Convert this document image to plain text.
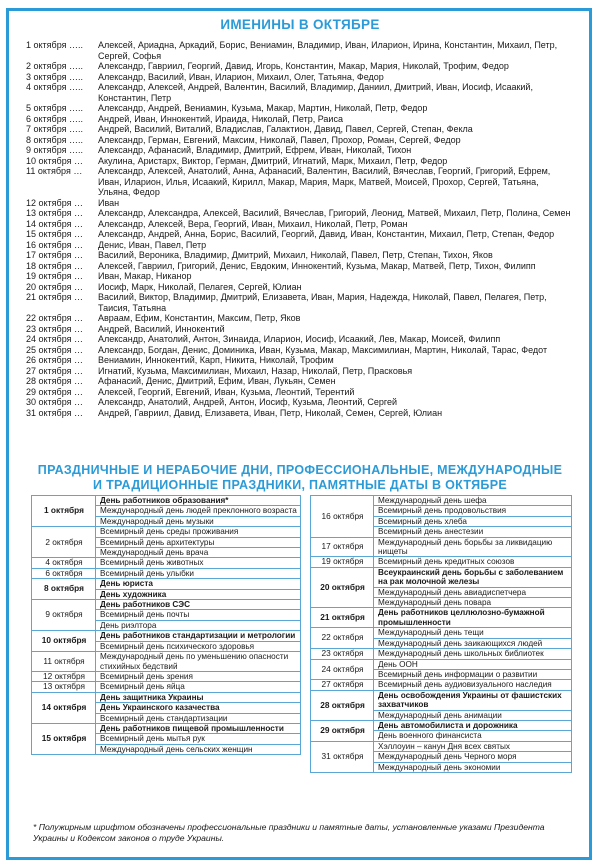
ИМЕНИНЫ В ОКТЯБРЕ
1 октября …..	Алексей, Ариадна, Аркадий, Борис, Вениамин, Владимир, Иван, Иларион, Ирина, Константин, Михаил, Петр, Сергей, Софья
2 октября …..	Александр, Гавриил, Георгий, Давид, Игорь, Константин, Макар, Мария, Николай, Трофим, Федор
3 октября …..	Александр, Василий, Иван, Иларион, Михаил, Олег, Татьяна, Федор
4 октября …..	Александр, Алексей, Андрей, Валентин, Василий, Владимир, Даниил, Дмитрий, Иван, Иосиф, Исаакий, Константин, Петр
5 октября …..	Александр, Андрей, Вениамин, Кузьма, Макар, Мартин, Николай, Петр, Федор
6 октября …..	Андрей, Иван, Иннокентий, Ираида, Николай, Петр, Раиса
7 октября …..	Андрей, Василий, Виталий, Владислав, Галактион, Давид, Павел, Сергей, Степан, Фекла
8 октября …..	Александр, Герман, Евгений, Максим, Николай, Павел, Прохор, Роман, Сергей, Федор
9 октября …..	Александр, Афанасий, Владимир, Дмитрий, Ефрем, Иван, Николай, Тихон
10 октября …	Акулина, Аристарх, Виктор, Герман, Дмитрий, Игнатий, Марк, Михаил, Петр, Федор
11 октября …	Александр, Алексей, Анатолий, Анна, Афанасий, Валентин, Василий, Вячеслав, Георгий, Григорий, Ефрем, Иван, Иларион, Илья, Исаакий, Кирилл, Макар, Мария, Марк, Матвей, Моисей, Прохор, Сергей, Татьяна, Ульяна, Федор
12 октября …	Иван
13 октября …	Александр, Александра, Алексей, Василий, Вячеслав, Григорий, Леонид, Матвей, Михаил, Петр, Полина, Семен
14 октября …	Александр, Алексей, Вера, Георгий, Иван, Михаил, Николай, Петр, Роман
15 октября …	Александр, Андрей, Анна, Борис, Василий, Георгий, Давид, Иван, Константин, Михаил, Петр, Степан, Федор
16 октября …	Денис, Иван, Павел, Петр
17 октября …	Василий, Вероника, Владимир, Дмитрий, Михаил, Николай, Павел, Петр, Степан, Тихон, Яков
18 октября …	Алексей, Гавриил, Григорий, Денис, Евдоким, Иннокентий, Кузьма, Макар, Матвей, Петр, Тихон, Филипп
19 октября …	Иван, Макар, Никанор
20 октября …	Иосиф, Марк, Николай, Пелагея, Сергей, Юлиан
21 октября …	Василий, Виктор, Владимир, Дмитрий, Елизавета, Иван, Мария, Надежда, Николай, Павел, Пелагея, Петр, Таисия, Татьяна
22 октября …	Авраам, Ефим, Константин, Максим, Петр, Яков
23 октября …	Андрей, Василий, Иннокентий
24 октября …	Александр, Анатолий, Антон, Зинаида, Иларион, Иосиф, Исаакий, Лев, Макар, Моисей, Филипп
25 октября …	Александр, Богдан, Денис, Доминика, Иван, Кузьма, Макар, Максимилиан, Мартин, Николай, Тарас, Федот
26 октября …	Вениамин, Иннокентий, Карп, Никита, Николай, Трофим
27 октября …	Игнатий, Кузьма, Максимилиан, Михаил, Назар, Николай, Петр, Прасковья
28 октября …	Афанасий, Денис, Дмитрий, Ефим, Иван, Лукьян, Семен
29 октября …	Алексей, Георгий, Евгений, Иван, Кузьма, Леонтий, Терентий
30 октября …	Александр, Анатолий, Андрей, Антон, Иосиф, Кузьма, Леонтий, Сергей
31 октября …	Андрей, Гавриил, Давид, Елизавета, Иван, Петр, Николай, Семен, Сергей, Юлиан
ПРАЗДНИЧНЫЕ И НЕРАБОЧИЕ ДНИ, ПРОФЕССИОНАЛЬНЫЕ, МЕЖДУНАРОДНЫЕ
И ТРАДИЦИОННЫЕ ПРАЗДНИКИ, ПАМЯТНЫЕ ДАТЫ В ОКТЯБРЕ
1 октября	День работников образования*
	Международный день людей преклонного возраста
	Международный день музыки
2 октября	Всемирный день среды проживания
	Всемирный день архитектуры
	Международный день врача
4 октября	Всемирный день животных
6 октября	Всемирный день улыбки
8 октября	День юриста
	День художника
9 октября	День работников СЭС
	Всемирный день почты
	День риэлтора
10 октября	День работников стандартизации и метрологии
	Всемирный день психического здоровья
11 октября	Международный день по уменьшению опасности стихийных бедствий
12 октября	Всемирный день зрения
13 октября	Всемирный день яйца
14 октября	День защитника Украины
	День Украинского казачества
	Всемирный день стандартизации
15 октября	День работников пищевой промышленности
	Всемирный день мытья рук
	Международный день сельских женщин
16 октября	Международный день шефа
	Всемирный день продовольствия
	Всемирный день хлеба
	Всемирный день анестезии
17 октября	Международный день борьбы за ликвидацию нищеты
19 октября	Всемирный день кредитных союзов
20 октября	Всеукраинский день борьбы с заболеванием на рак молочной железы
	Международный день авиадиспетчера
	Международный день повара
21 октября	День работников целлюлозно-бумажной промышленности
22 октября	Международный день тещи
	Международный день заикающихся людей
23 октября	Международный день школьных библиотек
24 октября	День ООН
	Всемирный день информации о развитии
27 октября	Всемирный день аудиовизуального наследия
28 октября	День освобождения Украины от фашистских захватчиков
	Международный день анимации
29 октября	День автомобилиста и дорожника
	День военного финансиста
31 октября	Хэллоуин – канун Дня всех святых
	Международный день Черного моря
	Международный день экономии
* Полужирным шрифтом обозначены профессиональные праздники и памятные даты, установленные указами Президента Украины и Кодексом законов о труде Украины.
